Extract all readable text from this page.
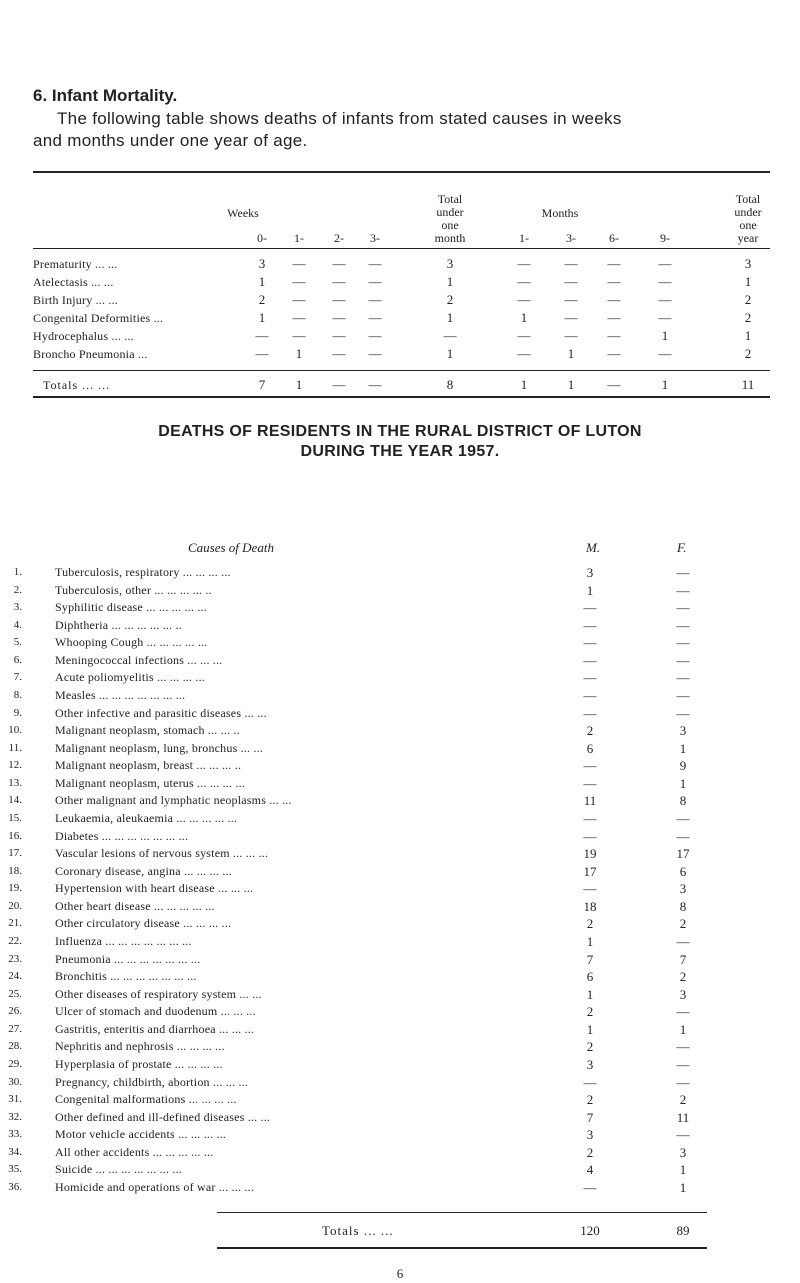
6. Infant Mortality.
The following table shows deaths of infants from stated causes in weeks
and months under one year of age.
Weeks	Months
Total
under
one
month
Total
under
one
year
0- 1-	2- 3-	1-	3-	6-	9-
Prematurity ... ...	3 — — —	3	—	— —	—	3
Atelectasis ... ...	1 — — —	1	—	— —	—	1
Birth Injury ... ...	2 — — —	2	—	— —	—	2
Congenital Deformities ...	1 — — —	1	1	— —	—	2
Hydrocephalus ... ...	— — — —	—	—	— —	1	1
Broncho Pneumonia ...	— 1 — —	1	—	1	—	—	2
Totals ... ...	7 1 — —	8	1	1	—	1	11
DEATHS OF RESIDENTS IN THE RURAL DISTRICT OF LUTON
DURING THE YEAR 1957.
Causes of Death	M.	F.
1.	Tuberculosis, respiratory ... ... ... ...	3	—
2.	Tuberculosis, other ... ... ... ... ..	1	—
3.	Syphilitic disease ... ... ... ... ...	—	—
4.	Diphtheria ... ... ... ... ... ..	—	—
5.	Whooping Cough ... ... ... ... ...	—	—
6.	Meningococcal infections ... ... ...	—	—
7.	Acute poliomyelitis ... ... ... ...	—	—
8.	Measles ... ... ... ... ... ... ...	—	—
9.	Other infective and parasitic diseases ... ...	—	—
10.	Malignant neoplasm, stomach ... ... ..	2	3
11.	Malignant neoplasm, lung, bronchus ... ...	6	1
12.	Malignant neoplasm, breast ... ... ... ..	—	9
13.	Malignant neoplasm, uterus ... ... ... ...	—	1
14.	Other malignant and lymphatic neoplasms ... ...	11	8
15.	Leukaemia, aleukaemia ... ... ... ... ...	—	—
16.	Diabetes ... ... ... ... ... ... ...	—	—
17.	Vascular lesions of nervous system ... ... ...	19	17
18.	Coronary disease, angina ... ... ... ...	17	6
19.	Hypertension with heart disease ... ... ...	—	3
20.	Other heart disease ... ... ... ... ...	18	8
21.	Other circulatory disease ... ... ... ...	2	2
22.	Influenza ... ... ... ... ... ... ...	1	—
23.	Pneumonia ... ... ... ... ... ... ...	7	7
24.	Bronchitis ... ... ... ... ... ... ...	6	2
25.	Other diseases of respiratory system ... ...	1	3
26.	Ulcer of stomach and duodenum ... ... ...	2	—
27.	Gastritis, enteritis and diarrhoea ... ... ...	1	1
28.	Nephritis and nephrosis ... ... ... ...	2	—
29.	Hyperplasia of prostate ... ... ... ...	3	—
30.	Pregnancy, childbirth, abortion ... ... ...	—	—
31.	Congenital malformations ... ... ... ...	2	2
32.	Other defined and ill-defined diseases ... ...	7	11
33.	Motor vehicle accidents ... ... ... ...	3	—
34.	All other accidents ... ... ... ... ...	2	3
35.	Suicide ... ... ... ... ... ... ...	4	1
36.	Homicide and operations of war ... ... ...	—	1
Totals ... ...	120	89
6
